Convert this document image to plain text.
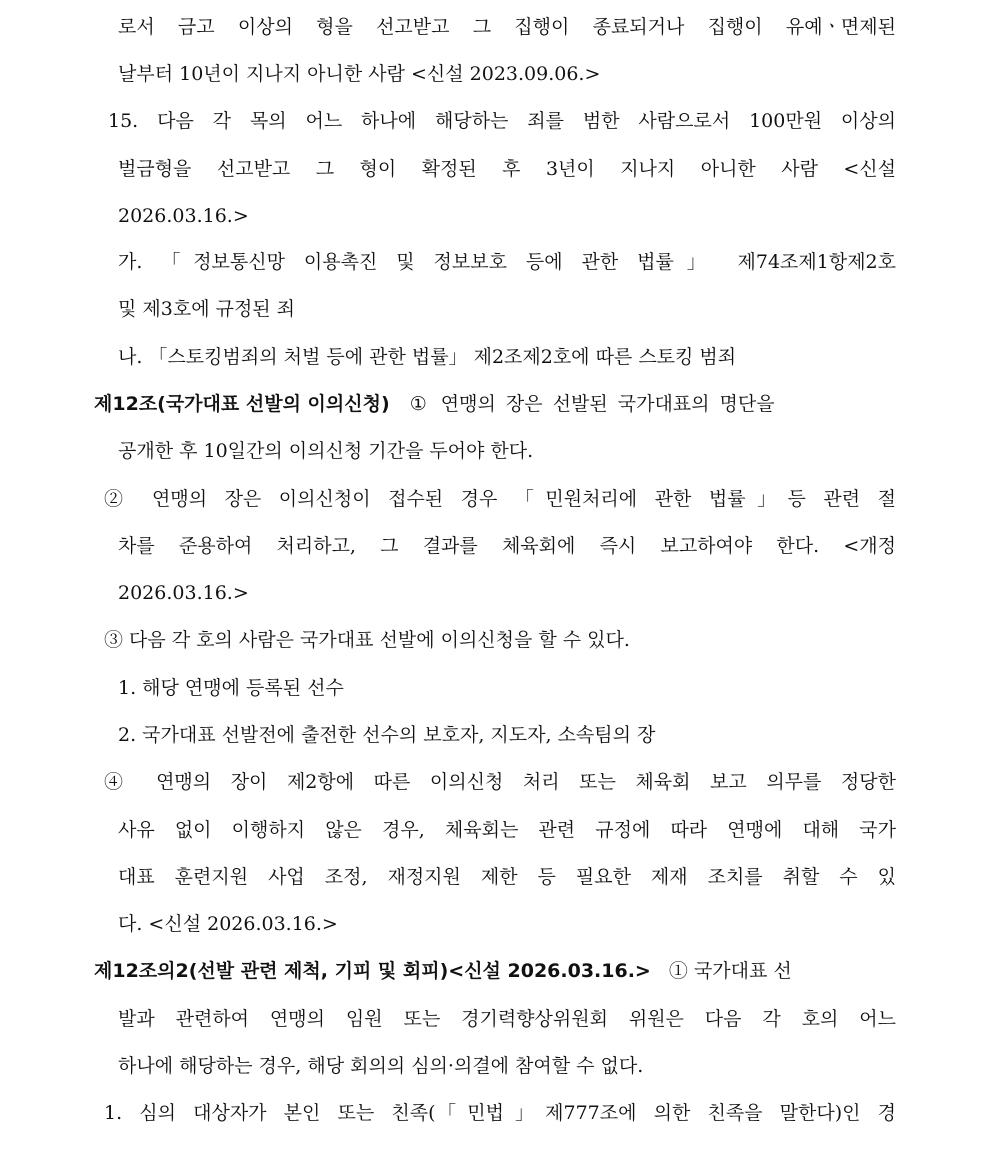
로서 금고 이상의 형을 선고받고 그 집행이 종료되거나 집행이 유예ㆍ면제된
날부터 10년이 지나지 아니한 사람 <신설 2023.09.06.>
15. 다음 각 목의 어느 하나에 해당하는 죄를 범한 사람으로서 100만원 이상의
벌금형을 선고받고 그 형이 확정된 후 3년이 지나지 아니한 사람 <신설
2026.03.16.>
가. 「정보통신망 이용촉진 및 정보보호 등에 관한 법률」 제74조제1항제2호
및 제3호에 규정된 죄
나. 「스토킹범죄의 처벌 등에 관한 법률」 제2조제2호에 따른 스토킹 범죄
제12조(국가대표 선발의 이의신청) ① 연맹의 장은 선발된 국가대표의 명단을
공개한 후 10일간의 이의신청 기간을 두어야 한다.
② 연맹의 장은 이의신청이 접수된 경우 「민원처리에 관한 법률」등 관련 절
차를 준용하여 처리하고, 그 결과를 체육회에 즉시 보고하여야 한다. <개정
2026.03.16.>
③ 다음 각 호의 사람은 국가대표 선발에 이의신청을 할 수 있다.
1. 해당 연맹에 등록된 선수
2. 국가대표 선발전에 출전한 선수의 보호자, 지도자, 소속팀의 장
④ 연맹의 장이 제2항에 따른 이의신청 처리 또는 체육회 보고 의무를 정당한
사유 없이 이행하지 않은 경우, 체육회는 관련 규정에 따라 연맹에 대해 국가
대표 훈련지원 사업 조정, 재정지원 제한 등 필요한 제재 조치를 취할 수 있
다. <신설 2026.03.16.>
제12조의2(선발 관련 제척, 기피 및 회피)<신설 2026.03.16.> ① 국가대표 선
발과 관련하여 연맹의 임원 또는 경기력향상위원회 위원은 다음 각 호의 어느
하나에 해당하는 경우, 해당 회의의 심의·의결에 참여할 수 없다.
1. 심의 대상자가 본인 또는 친족(「민법」제777조에 의한 친족을 말한다)인 경
